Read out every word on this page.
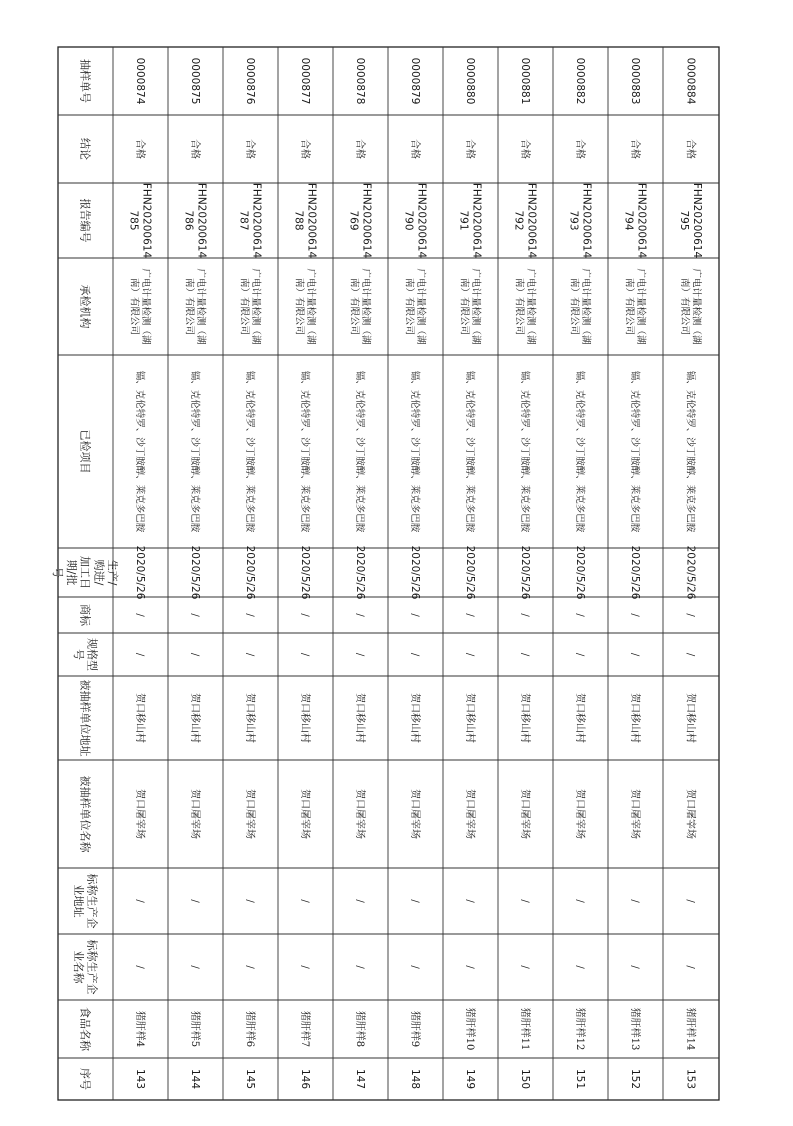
抽样单号
结论
报告编号
承检机构
已检项目
生产/购进/加工日期/批号
商标
规格型号
被抽样单位地址
被抽样单位名称
标称生产企业地址
标称生产企业名称
食品名称
序号
0000874
合格
FHN20200614785
广电计量检测（湖南）有限公司
镉、克伦特罗、沙丁胺醇、莱克多巴胺
2020/5/26
/
/
贺口移山村
贺口屠宰场
/
/
猪肝样4
143
0000875
合格
FHN20200614786
广电计量检测（湖南）有限公司
镉、克伦特罗、沙丁胺醇、莱克多巴胺
2020/5/26
/
/
贺口移山村
贺口屠宰场
/
/
猪肝样5
144
0000876
合格
FHN20200614787
广电计量检测（湖南）有限公司
镉、克伦特罗、沙丁胺醇、莱克多巴胺
2020/5/26
/
/
贺口移山村
贺口屠宰场
/
/
猪肝样6
145
0000877
合格
FHN20200614788
广电计量检测（湖南）有限公司
镉、克伦特罗、沙丁胺醇、莱克多巴胺
2020/5/26
/
/
贺口移山村
贺口屠宰场
/
/
猪肝样7
146
0000878
合格
FHN20200614769
广电计量检测（湖南）有限公司
镉、克伦特罗、沙丁胺醇、莱克多巴胺
2020/5/26
/
/
贺口移山村
贺口屠宰场
/
/
猪肝样8
147
0000879
合格
FHN20200614790
广电计量检测（湖南）有限公司
镉、克伦特罗、沙丁胺醇、莱克多巴胺
2020/5/26
/
/
贺口移山村
贺口屠宰场
/
/
猪肝样9
148
0000880
合格
FHN20200614791
广电计量检测（湖南）有限公司
镉、克伦特罗、沙丁胺醇、莱克多巴胺
2020/5/26
/
/
贺口移山村
贺口屠宰场
/
/
猪肝样10
149
0000881
合格
FHN20200614792
广电计量检测（湖南）有限公司
镉、克伦特罗、沙丁胺醇、莱克多巴胺
2020/5/26
/
/
贺口移山村
贺口屠宰场
/
/
猪肝样11
150
0000882
合格
FHN20200614793
广电计量检测（湖南）有限公司
镉、克伦特罗、沙丁胺醇、莱克多巴胺
2020/5/26
/
/
贺口移山村
贺口屠宰场
/
/
猪肝样12
151
0000883
合格
FHN20200614794
广电计量检测（湖南）有限公司
镉、克伦特罗、沙丁胺醇、莱克多巴胺
2020/5/26
/
/
贺口移山村
贺口屠宰场
/
/
猪肝样13
152
0000884
合格
FHN20200614795
广电计量检测（湖南）有限公司
镉、克伦特罗、沙丁胺醇、莱克多巴胺
2020/5/26
/
/
贺口移山村
贺口屠宰场
/
/
猪肝样14
153
